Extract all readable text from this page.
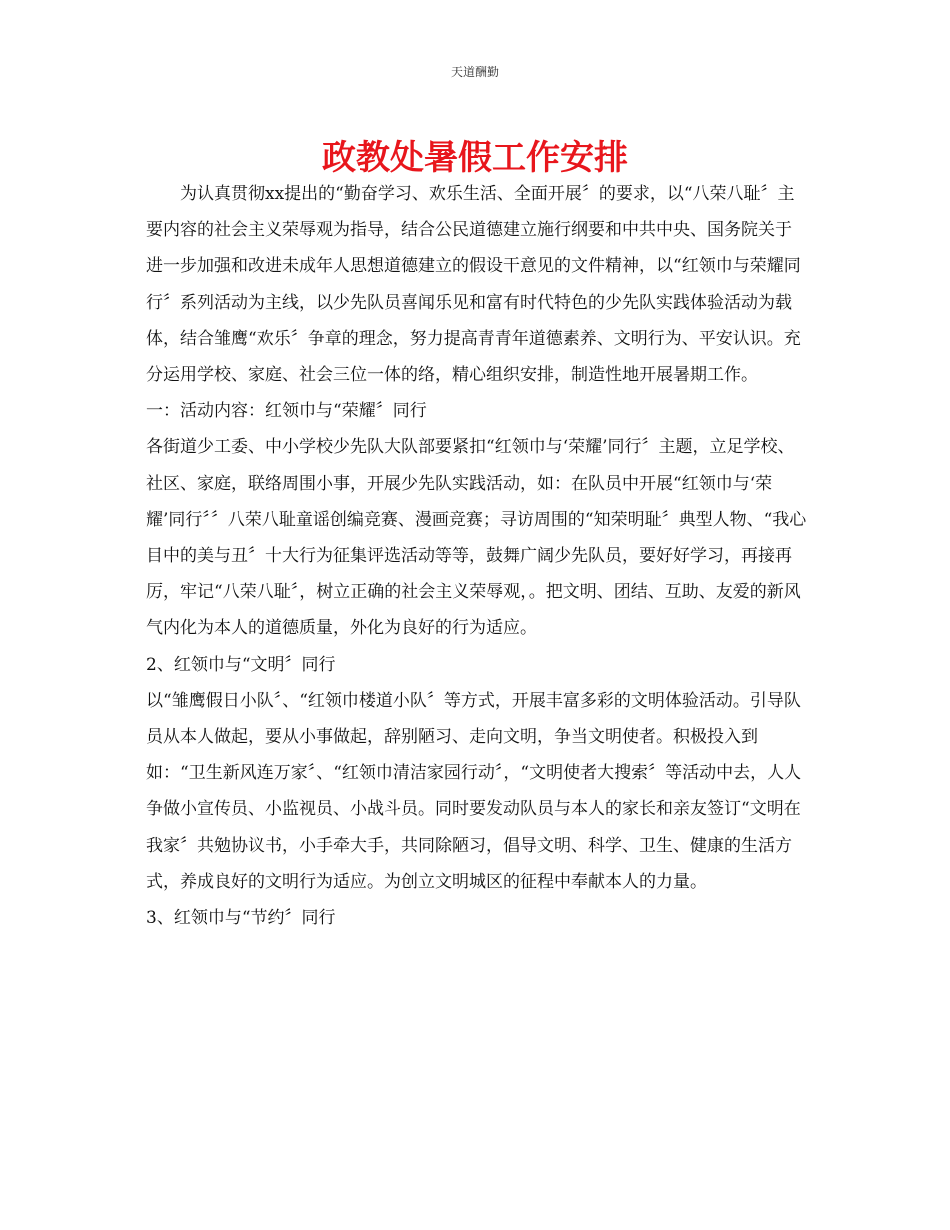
天道酬勤
政教处暑假工作安排

为认真贯彻xx提出的“勤奋学习、欢乐生活、全面开展〞的要求，以“八荣八耻〞主要内容的社会主义荣辱观为指导，结合公民道德建立施行纲要和中共中央、国务院关于进一步加强和改进未成年人思想道德建立的假设干意见的文件精神，以“红领巾与荣耀同行〞系列活动为主线，以少先队员喜闻乐见和富有时代特色的少先队实践体验活动为载体，结合雏鹰“欢乐〞争章的理念，努力提高青青年道德素养、文明行为、平安认识。充分运用学校、家庭、社会三位一体的络，精心组织安排，制造性地开展暑期工作。

一：活动内容：红领巾与“荣耀〞同行

各街道少工委、中小学校少先队大队部要紧扣“红领巾与‘荣耀’同行〞主题，立足学校、社区、家庭，联络周围小事，开展少先队实践活动，如：在队员中开展“红领巾与‘荣耀’同行〞〞八荣八耻童谣创编竞赛、漫画竞赛；寻访周围的“知荣明耻〞典型人物、“我心目中的美与丑〞十大行为征集评选活动等等，鼓舞广阔少先队员，要好好学习，再接再厉，牢记“八荣八耻〞，树立正确的社会主义荣辱观，。把文明、团结、互助、友爱的新风气内化为本人的道德质量，外化为良好的行为适应。

2、红领巾与“文明〞同行

以“雏鹰假日小队〞、“红领巾楼道小队〞等方式，开展丰富多彩的文明体验活动。引导队员从本人做起，要从小事做起，辞别陋习、走向文明，争当文明使者。积极投入到如：“卫生新风连万家〞、“红领巾清洁家园行动〞，“文明使者大搜索〞等活动中去，人人争做小宣传员、小监视员、小战斗员。同时要发动队员与本人的家长和亲友签订“文明在我家〞共勉协议书，小手牵大手，共同除陋习，倡导文明、科学、卫生、健康的生活方式，养成良好的文明行为适应。为创立文明城区的征程中奉献本人的力量。

3、红领巾与“节约〞同行
